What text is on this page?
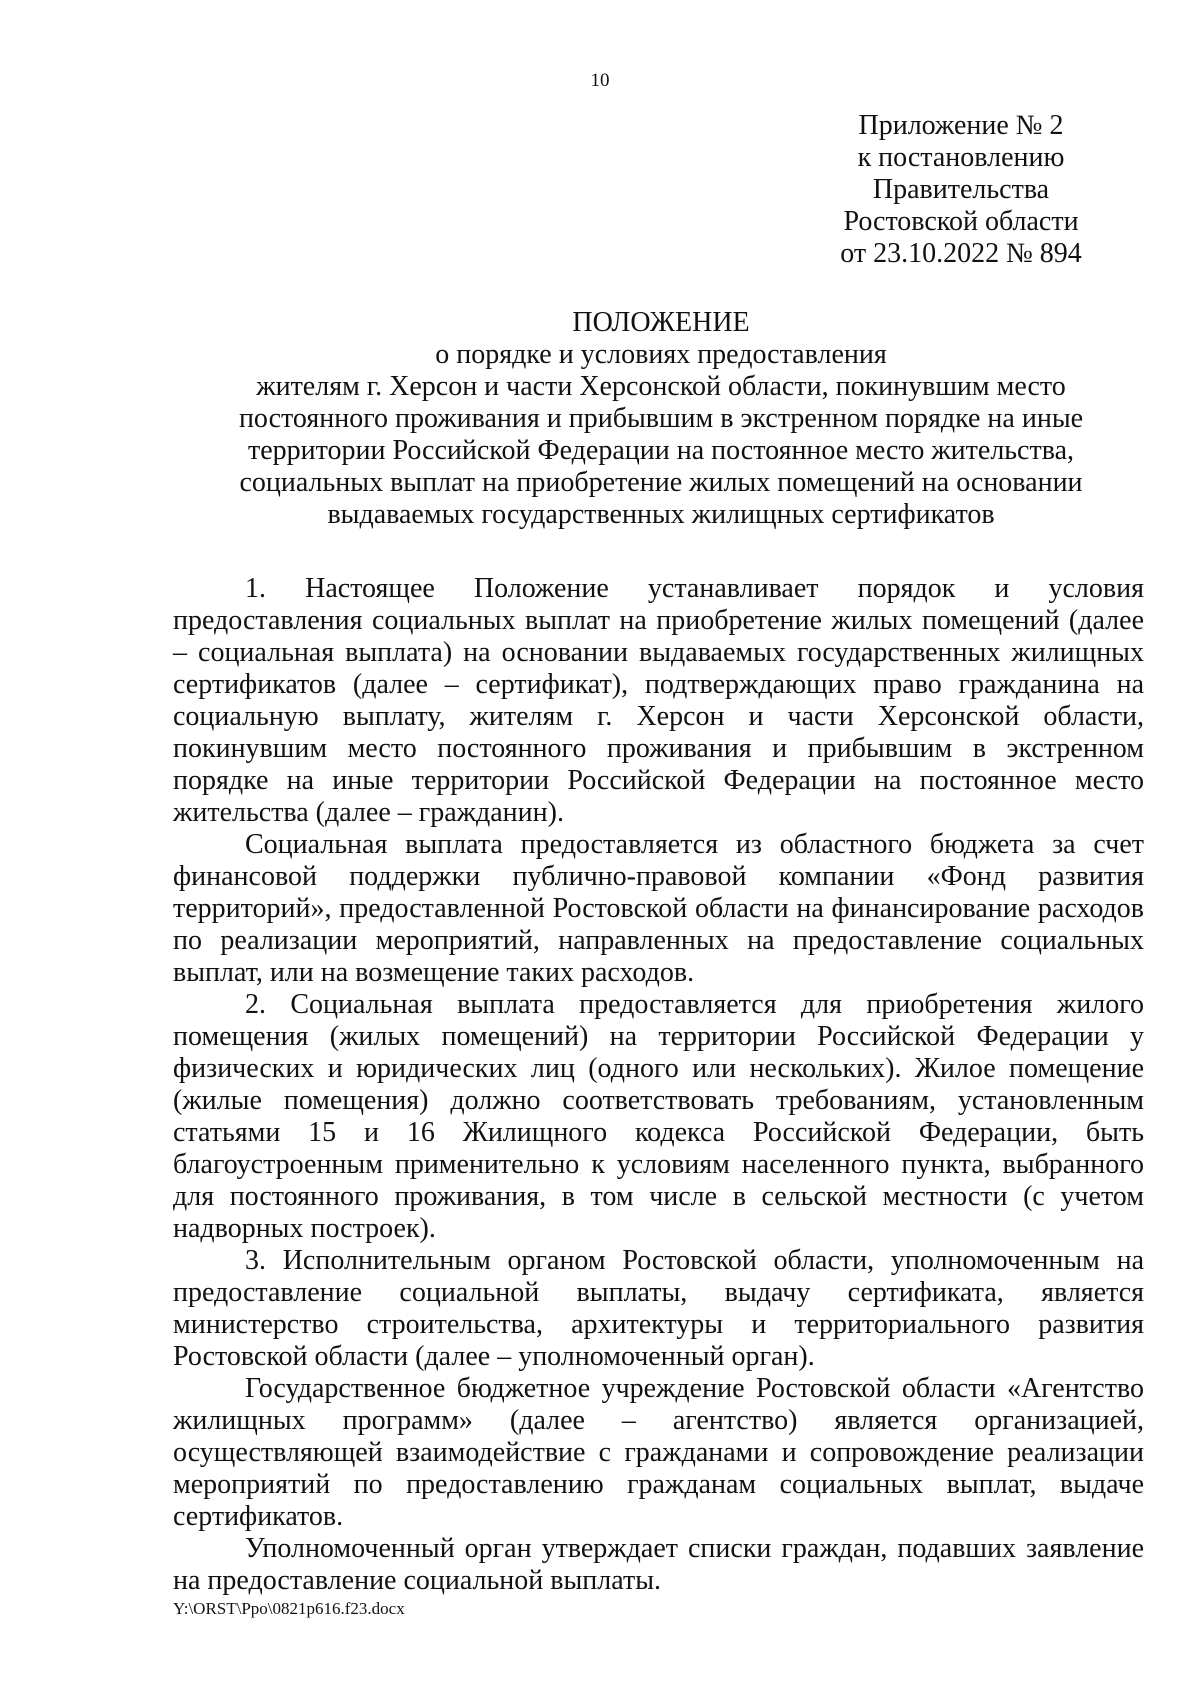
10
Приложение № 2
к постановлению
Правительства
Ростовской области
от 23.10.2022 № 894
ПОЛОЖЕНИЕ
о порядке и условиях предоставления
жителям г. Херсон и части Херсонской области, покинувшим место
постоянного проживания и прибывшим в экстренном порядке на иные
территории Российской Федерации на постоянное место жительства,
социальных выплат на приобретение жилых помещений на основании
выдаваемых государственных жилищных сертификатов

1. Настоящее Положение устанавливает порядок и условия предоставления социальных выплат на приобретение жилых помещений (далее – социальная выплата) на основании выдаваемых государственных жилищных сертификатов (далее – сертификат), подтверждающих право гражданина на социальную выплату, жителям г. Херсон и части Херсонской области, покинувшим место постоянного проживания и прибывшим в экстренном порядке на иные территории Российской Федерации на постоянное место жительства (далее – гражданин).

Социальная выплата предоставляется из областного бюджета за счет финансовой поддержки публично-правовой компании «Фонд развития территорий», предоставленной Ростовской области на финансирование расходов по реализации мероприятий, направленных на предоставление социальных выплат, или на возмещение таких расходов.

2. Социальная выплата предоставляется для приобретения жилого помещения (жилых помещений) на территории Российской Федерации у физических и юридических лиц (одного или нескольких). Жилое помещение (жилые помещения) должно соответствовать требованиям, установленным статьями 15 и 16 Жилищного кодекса Российской Федерации, быть благоустроенным применительно к условиям населенного пункта, выбранного для постоянного проживания, в том числе в сельской местности (с учетом надворных построек).

3. Исполнительным органом Ростовской области, уполномоченным на предоставление социальной выплаты, выдачу сертификата, является министерство строительства, архитектуры и территориального развития Ростовской области (далее – уполномоченный орган).

Государственное бюджетное учреждение Ростовской области «Агентство жилищных программ» (далее – агентство) является организацией, осуществляющей взаимодействие с гражданами и сопровождение реализации мероприятий по предоставлению гражданам социальных выплат, выдаче сертификатов.

Уполномоченный орган утверждает списки граждан, подавших заявление на предоставление социальной выплаты.

Y:\ORST\Ppo\0821p616.f23.docx
